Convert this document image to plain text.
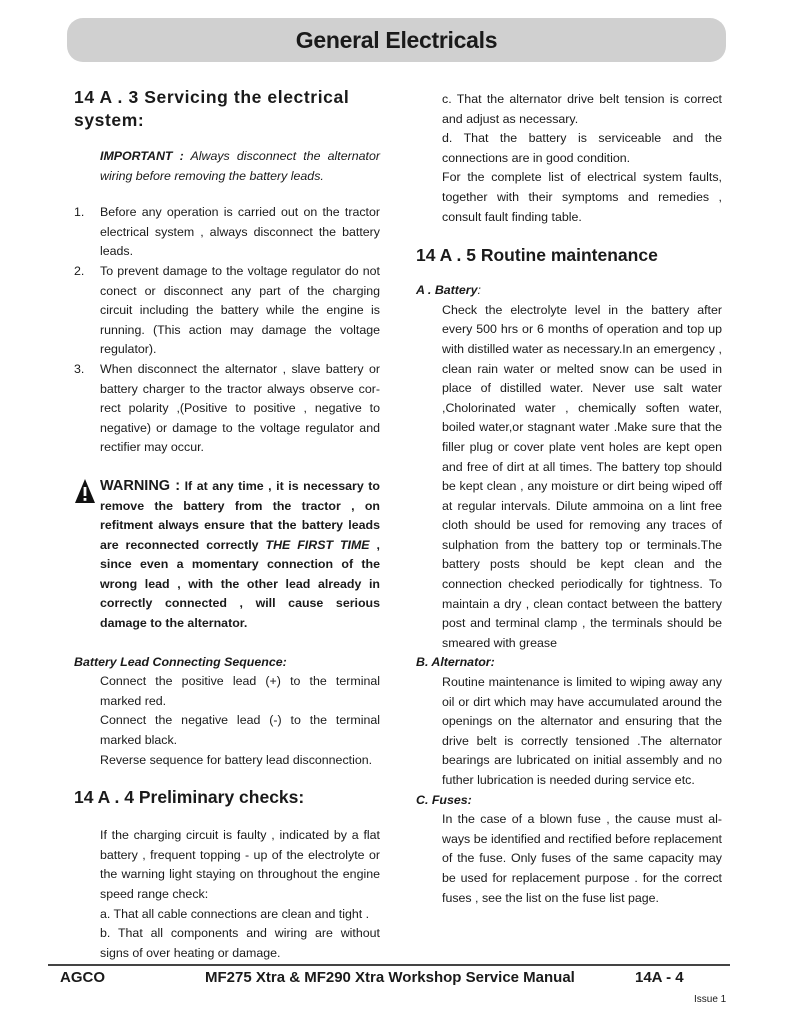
General Electricals
14 A . 3 Servicing the electrical system:

IMPORTANT : Always disconnect the alternator wiring before removing the battery leads.

1.	Before any operation is carried out on the tractor electrical system , always disconnect the battery leads.
2.	To prevent damage to the voltage regulator do not conect or disconnect any part of the charging circuit including the battery while the engine is running. (This action may damage the voltage regulator).
3.	When disconnect the alternator , slave battery or battery charger to the tractor always observe cor-rect polarity ,(Positive to positive , negative to negative) or damage to the voltage regulator and rectifier may occur.
WARNING : If at any time , it is necessary to remove the battery from the tractor , on refitment always ensure that the battery leads are reconnected correctly THE FIRST TIME , since even a momentary connection of the wrong lead , with the other lead already in correctly connected , will cause serious damage to the alternator.

Battery Lead Connecting Sequence:

Connect the positive lead (+) to the terminal marked red.

Connect the negative lead (-) to the terminal marked black.

Reverse sequence for battery lead disconnection.

14 A . 4 Preliminary checks:

If the charging circuit is faulty , indicated by a flat battery , frequent topping - up of the electrolyte or the warning light staying on throughout the engine speed range check:

a. That all cable connections are clean and tight .

b. That all components and wiring are without signs of over heating or damage.

c. That the alternator drive belt tension is correct and adjust as necessary.

d. That the battery is serviceable and the connections are in good condition.

For the complete list of electrical system faults, together with their symptoms and remedies , consult fault finding table.

14 A . 5 Routine maintenance

A . Battery:

Check the electrolyte level in the battery after every 500 hrs or 6 months of operation and top up with distilled water as necessary.In an emergency , clean rain water or melted snow can be used in place of distilled water. Never use salt water ,Cholorinated water , chemically soften water, boiled water,or stagnant water .Make sure that the filler plug or cover plate vent holes are kept open and free of dirt at all times. The battery top should be kept clean , any moisture or dirt being wiped off at regular intervals. Dilute ammoina on a lint free cloth should be used for removing any traces of sulphation from the battery top or terminals.The battery posts should be kept clean and the connection checked periodically for tightness. To maintain a dry , clean contact between the battery post and terminal clamp , the terminals should be smeared with grease

B. Alternator:

Routine maintenance is limited to wiping away any oil or dirt which may have accumulated around the openings on the alternator and ensuring that the drive belt is correctly tensioned .The alternator bearings are lubricated on initial assembly and no futher lubrication is needed during service etc.

C. Fuses:

In the case of a blown fuse , the cause must al-ways be identified and rectified before replacement of the fuse. Only fuses of the same capacity may be used for replacement purpose . for the correct fuses , see the list on the fuse list page.

AGCO	MF275 Xtra & MF290 Xtra Workshop Service Manual	14A - 4
Issue 1
